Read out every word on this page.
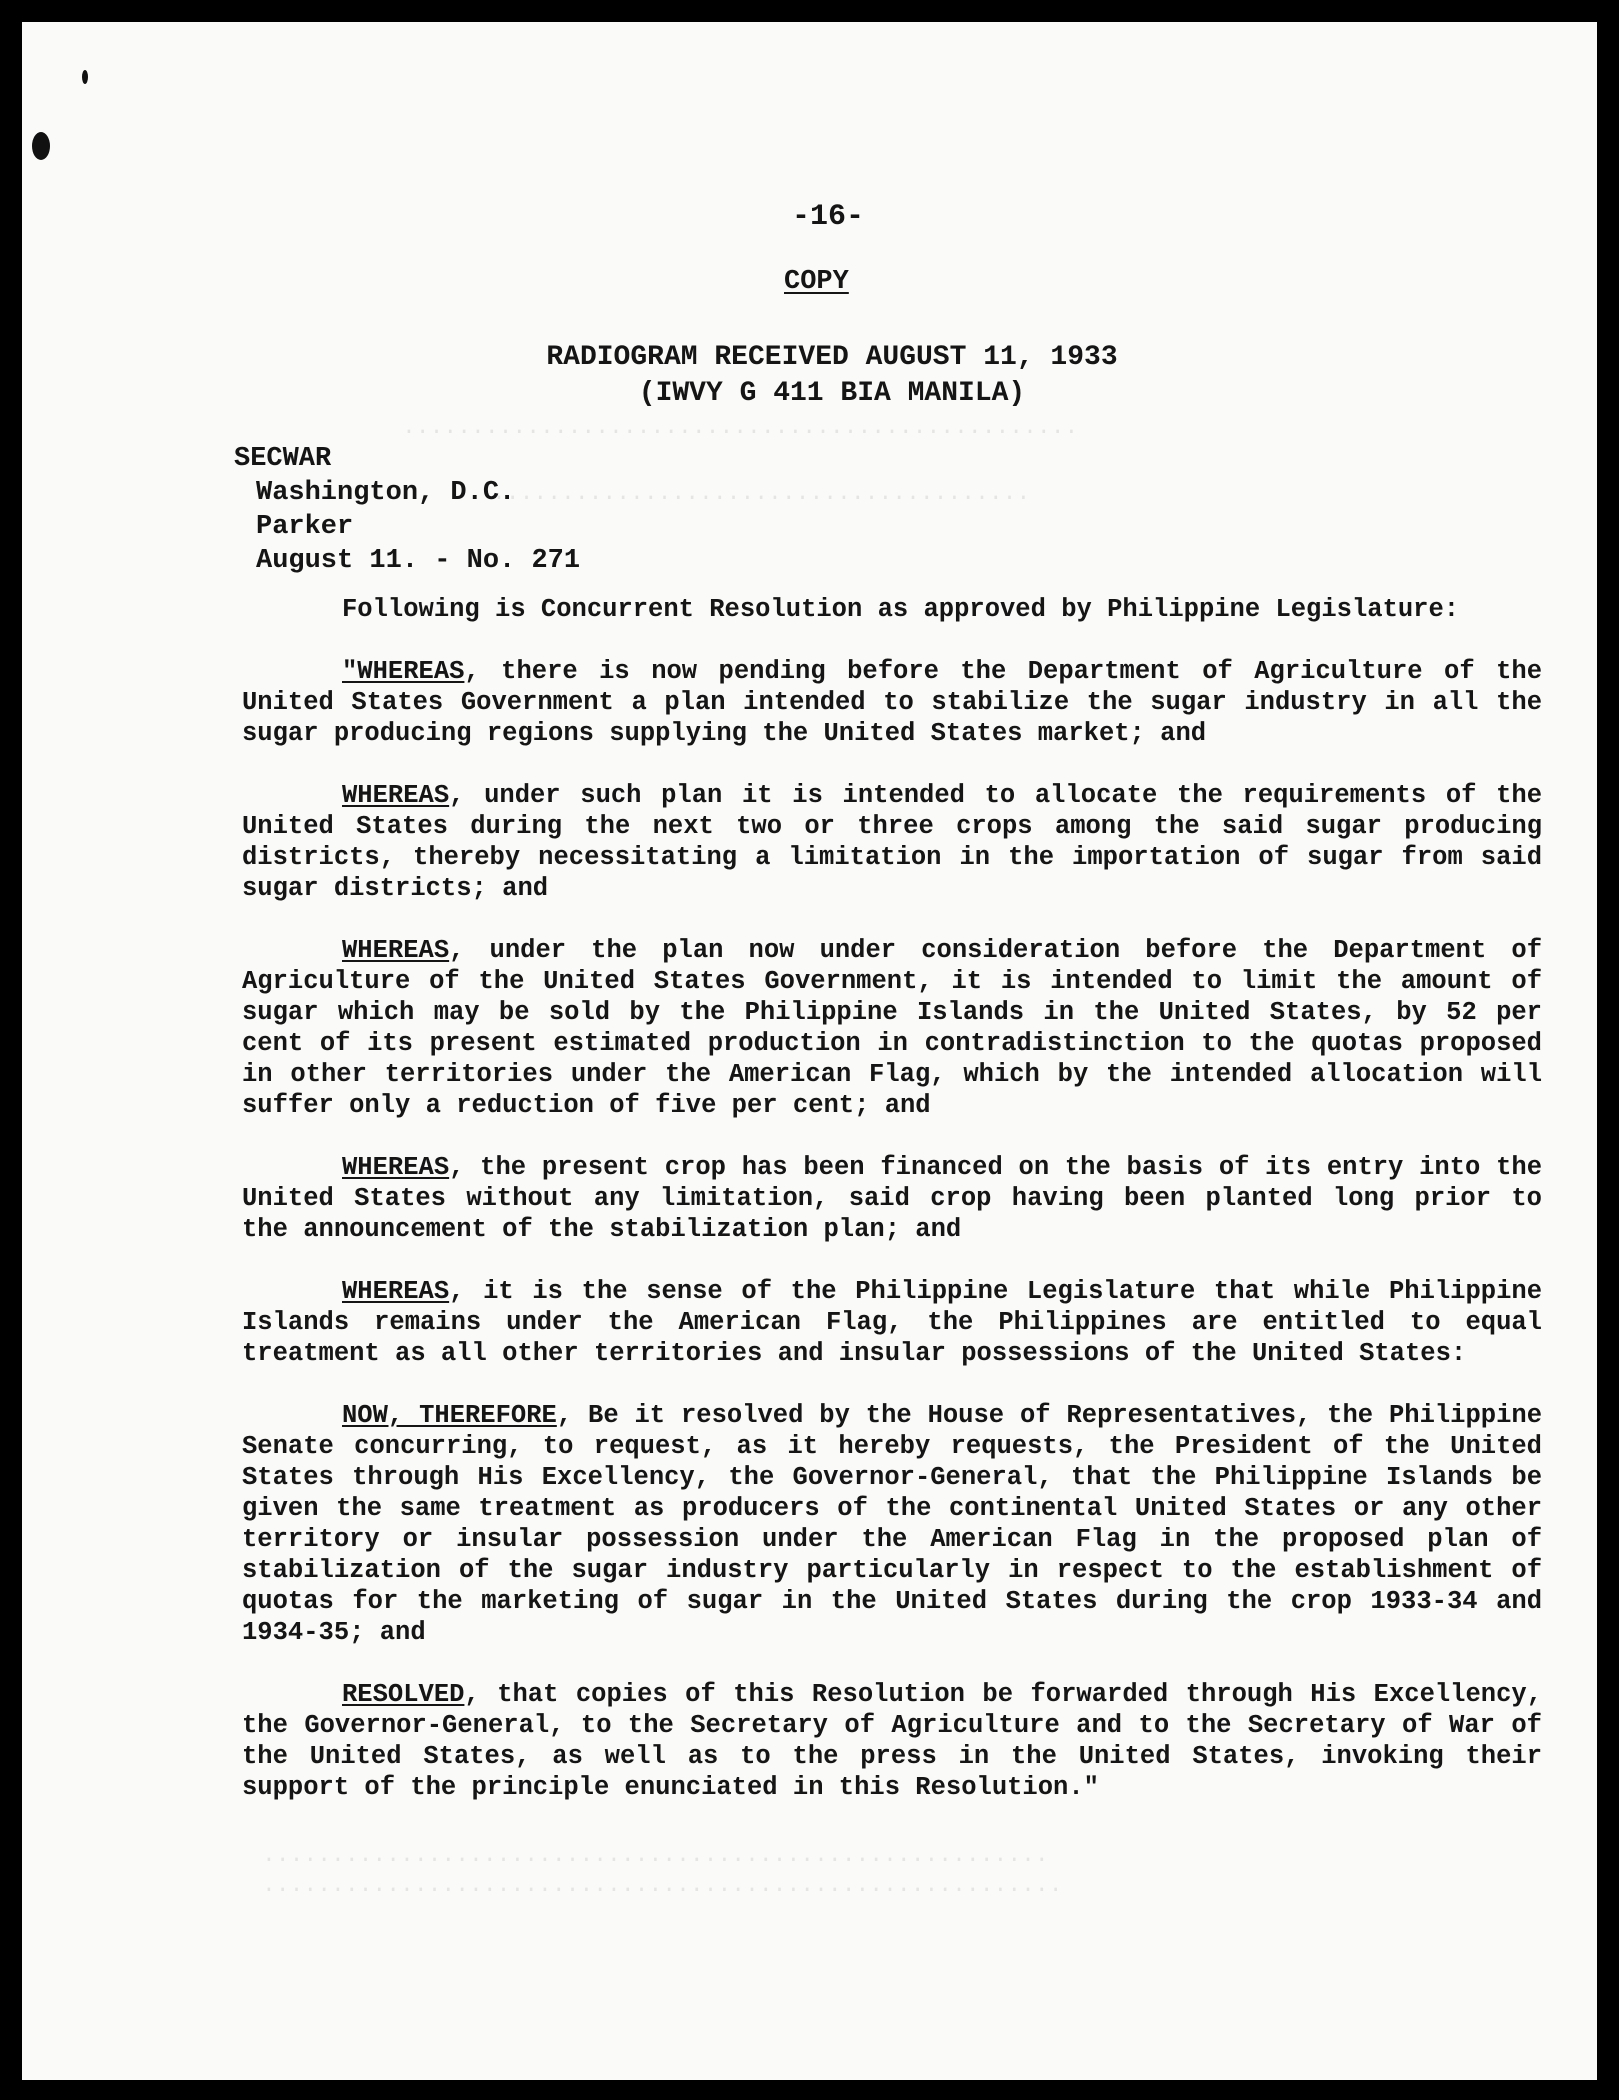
.................................................
.......................................
.........................................................
..........................................................
-16-
COPY
RADIOGRAM RECEIVED AUGUST 11, 1933
(IWVY G 411 BIA MANILA)
SECWAR
Washington, D.C.
Parker
August 11. - No. 271

Following is Concurrent Resolution as approved by Philippine Legislature:

"WHEREAS, there is now pending before the Department of Agriculture of the United States Government a plan intended to stabilize the sugar industry in all the sugar producing regions supplying the United States market; and

WHEREAS, under such plan it is intended to allocate the requirements of the United States during the next two or three crops among the said sugar producing districts, thereby necessitating a limitation in the importation of sugar from said sugar districts; and

WHEREAS, under the plan now under consideration before the Department of Agriculture of the United States Government, it is intended to limit the amount of sugar which may be sold by the Philippine Islands in the United States, by 52 per cent of its present estimated production in contradistinction to the quotas proposed in other territories under the American Flag, which by the intended allocation will suffer only a reduction of five per cent; and

WHEREAS, the present crop has been financed on the basis of its entry into the United States without any limitation, said crop having been planted long prior to the announcement of the stabilization plan; and

WHEREAS, it is the sense of the Philippine Legislature that while Philippine Islands remains under the American Flag, the Philippines are entitled to equal treatment as all other territories and insular possessions of the United States:

NOW, THEREFORE, Be it resolved by the House of Representatives, the Philippine Senate concurring, to request, as it hereby requests, the President of the United States through His Excellency, the Governor-General, that the Philippine Islands be given the same treatment as producers of the continental United States or any other territory or insular possession under the American Flag in the proposed plan of stabilization of the sugar industry particularly in respect to the establishment of quotas for the marketing of sugar in the United States during the crop 1933-34 and 1934-35; and

RESOLVED, that copies of this Resolution be forwarded through His Excellency, the Governor-General, to the Secretary of Agriculture and to the Secretary of War of the United States, as well as to the press in the United States, invoking their support of the principle enunciated in this Resolution."
